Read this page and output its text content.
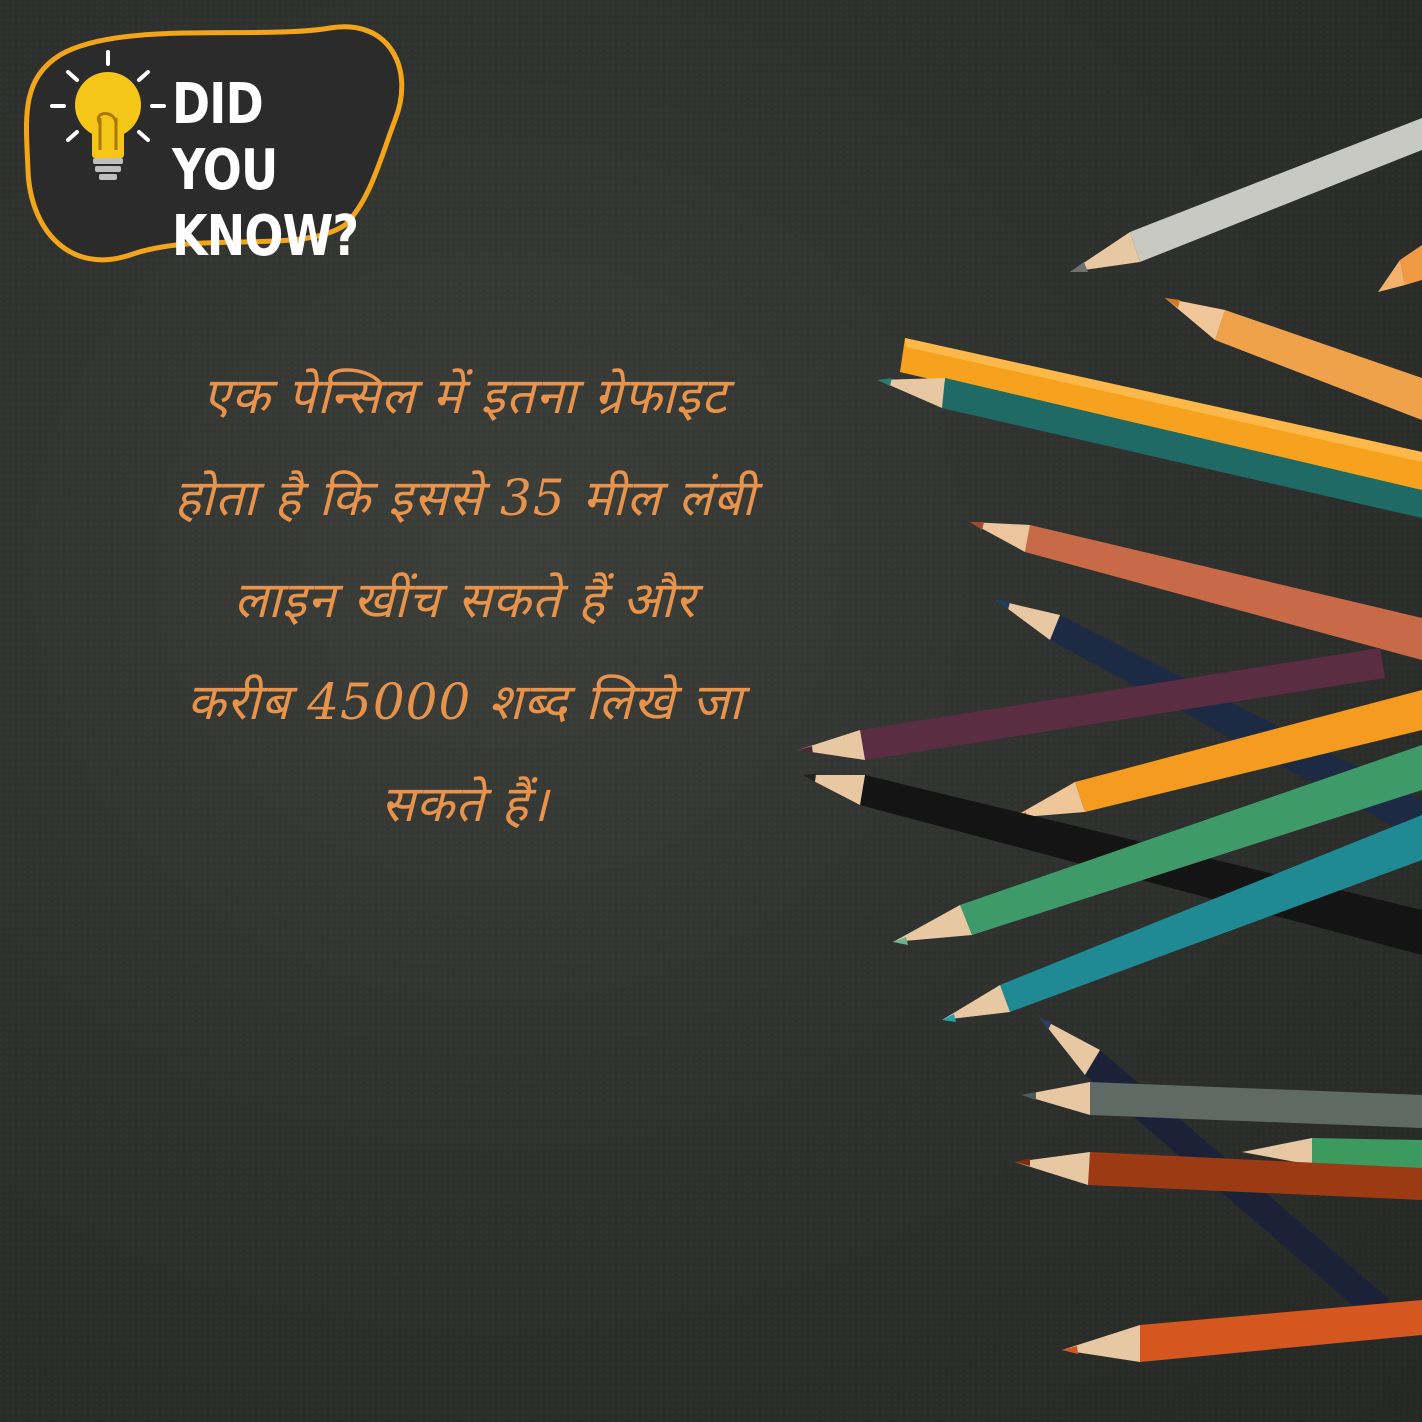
DID YOU
KNOW?
एक पेन्सिल में इतना ग्रेफाइट
होता है कि इससे 35 मील लंबी
लाइन खींच सकते हैं और
करीब 45000 शब्द लिखे जा
सकते हैं।
